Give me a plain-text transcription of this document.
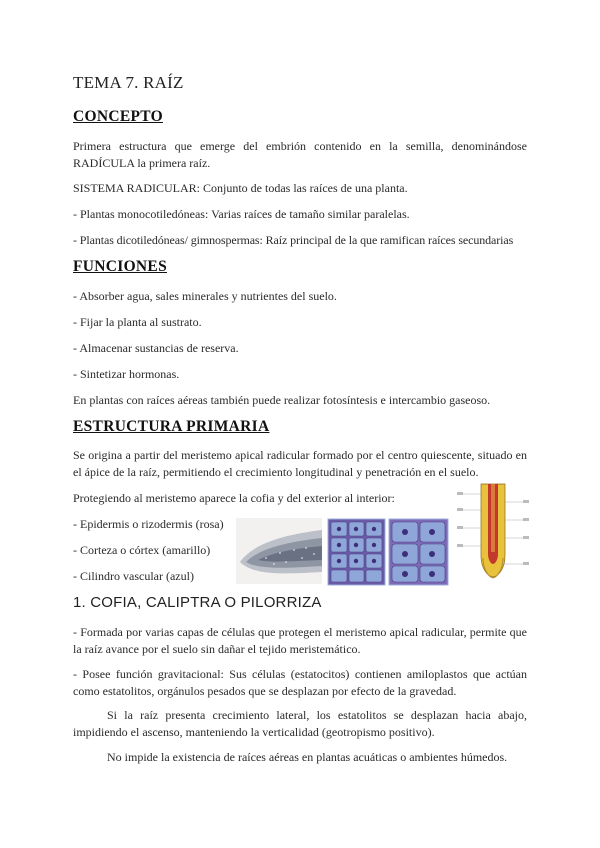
TEMA 7. RAÍZ
CONCEPTO
Primera estructura que emerge del embrión contenido en la semilla, denominándose RADÍCULA la primera raíz.
SISTEMA RADICULAR: Conjunto de todas las raíces de una planta.
- Plantas monocotiledóneas: Varias raíces de tamaño similar paralelas.
- Plantas dicotiledóneas/ gimnospermas: Raíz principal de la que ramifican raíces secundarias
FUNCIONES
- Absorber agua, sales minerales y nutrientes del suelo.
- Fijar la planta al sustrato.
- Almacenar sustancias de reserva.
- Sintetizar hormonas.
En plantas con raíces aéreas también puede realizar fotosíntesis e intercambio gaseoso.
ESTRUCTURA PRIMARIA
Se origina a partir del meristemo apical radicular formado por el centro quiescente, situado en el ápice de la raíz, permitiendo el crecimiento longitudinal y penetración en el suelo.
Protegiendo al meristemo aparece la cofia y del exterior al interior:
- Epidermis o rizodermis (rosa)
- Corteza o córtex (amarillo)
- Cilindro vascular (azul)
1. COFIA, CALIPTRA O PILORRIZA
- Formada por varias capas de células que protegen el meristemo apical radicular, permite que la raíz avance por el suelo sin dañar el tejido meristemático.
- Posee función gravitacional: Sus células (estatocitos) contienen amiloplastos que actúan como estatolitos, orgánulos pesados que se desplazan por efecto de la gravedad.
Si la raíz presenta crecimiento lateral, los estatolitos se desplazan hacia abajo, impidiendo el ascenso, manteniendo la verticalidad (geotropismo positivo).
No impide la existencia de raíces aéreas en plantas acuáticas o ambientes húmedos.
